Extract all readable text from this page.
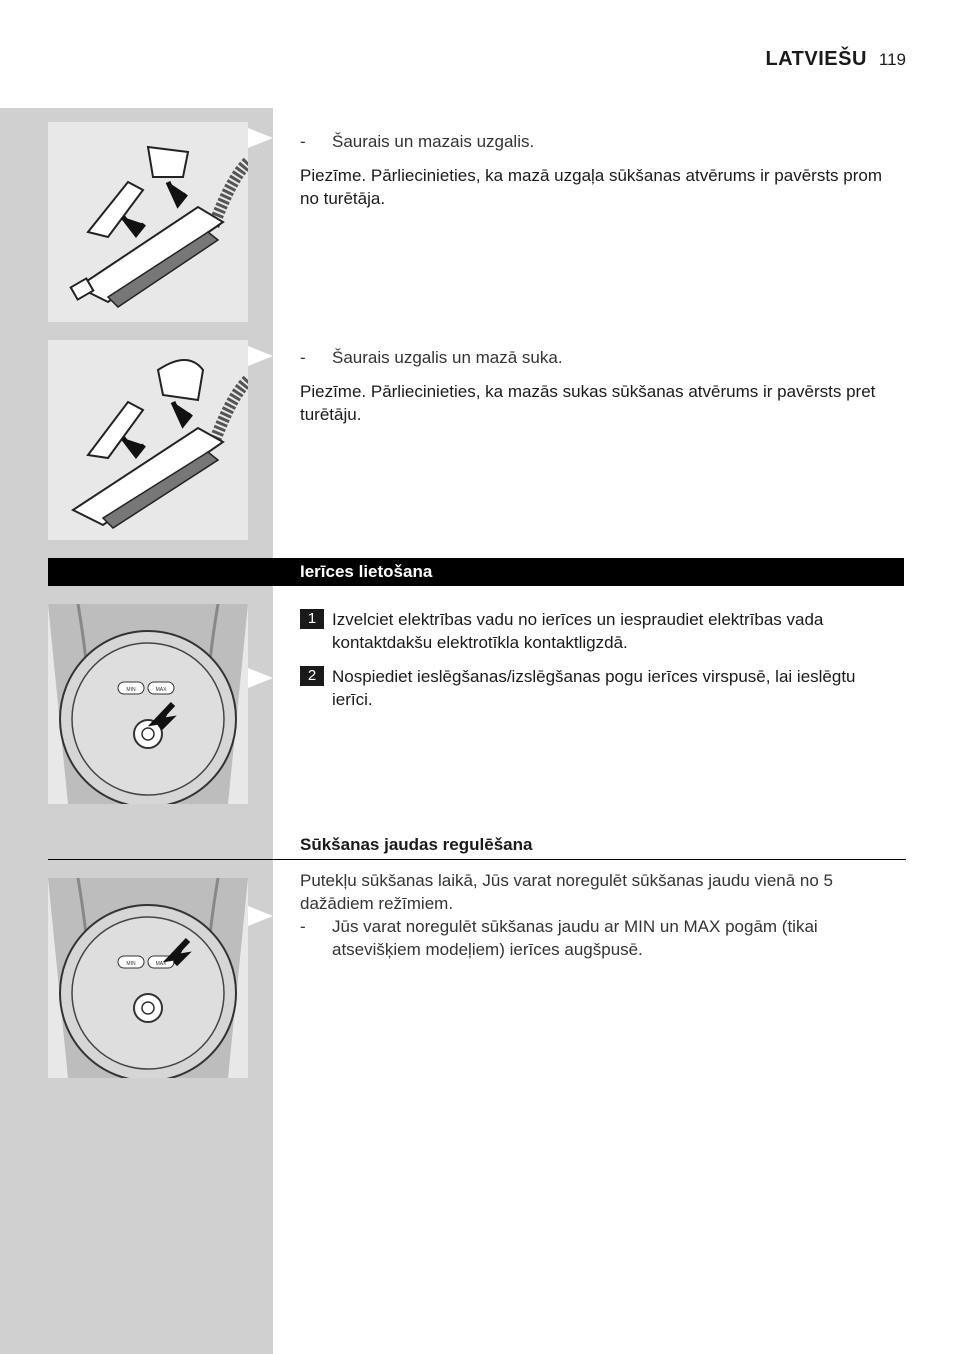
LATVIEŠU 119

- Šaurais un mazais uzgalis.

Piezīme. Pārliecinieties, ka mazā uzgaļa sūkšanas atvērums ir pavērsts prom no turētāja.

- Šaurais uzgalis un mazā suka.

Piezīme. Pārliecinieties, ka mazās sukas sūkšanas atvērums ir pavērsts pret turētāju.

Ierīces lietošana
MIN	MAX

1 Izvelciet elektrības vadu no ierīces un iespraudiet elektrības vada kontaktdakšu elektrotīkla kontaktligzdā.

2 Nospiediet ieslēgšanas/izslēgšanas pogu ierīces virspusē, lai ieslēgtu ierīci.

Sūkšanas jaudas regulēšana
MIN	MAX

Putekļu sūkšanas laikā, Jūs varat noregulēt sūkšanas jaudu vienā no 5 dažādiem režīmiem.

- Jūs varat noregulēt sūkšanas jaudu ar MIN un MAX pogām (tikai atsevišķiem modeļiem) ierīces augšpusē.
